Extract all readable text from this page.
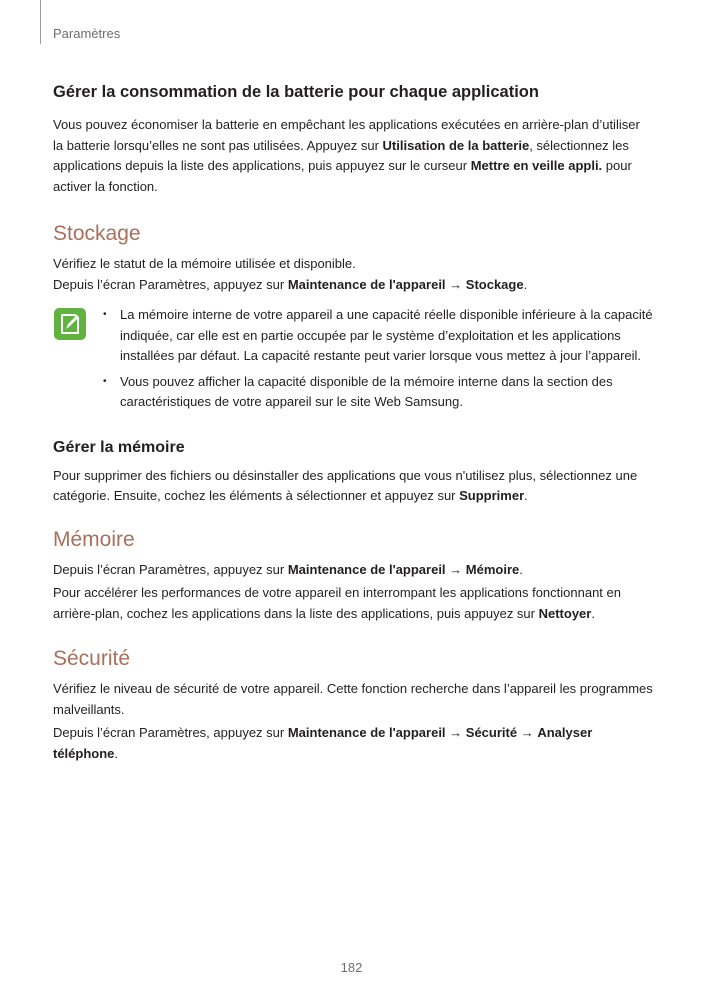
Paramètres
Gérer la consommation de la batterie pour chaque application

Vous pouvez économiser la batterie en empêchant les applications exécutées en arrière-plan d’utiliser la batterie lorsqu’elles ne sont pas utilisées. Appuyez sur Utilisation de la batterie, sélectionnez les applications depuis la liste des applications, puis appuyez sur le curseur Mettre en veille appli. pour activer la fonction.

Stockage

Vérifiez le statut de la mémoire utilisée et disponible.

Depuis l’écran Paramètres, appuyez sur Maintenance de l'appareil → Stockage.

• La mémoire interne de votre appareil a une capacité réelle disponible inférieure à la capacité indiquée, car elle est en partie occupée par le système d’exploitation et les applications installées par défaut. La capacité restante peut varier lorsque vous mettez à jour l’appareil.
• Vous pouvez afficher la capacité disponible de la mémoire interne dans la section des caractéristiques de votre appareil sur le site Web Samsung.
Gérer la mémoire

Pour supprimer des fichiers ou désinstaller des applications que vous n'utilisez plus, sélectionnez une catégorie. Ensuite, cochez les éléments à sélectionner et appuyez sur Supprimer.

Mémoire

Depuis l’écran Paramètres, appuyez sur Maintenance de l'appareil → Mémoire.

Pour accélérer les performances de votre appareil en interrompant les applications fonctionnant en arrière-plan, cochez les applications dans la liste des applications, puis appuyez sur Nettoyer.

Sécurité

Vérifiez le niveau de sécurité de votre appareil. Cette fonction recherche dans l’appareil les programmes malveillants.

Depuis l’écran Paramètres, appuyez sur Maintenance de l'appareil → Sécurité → Analyser téléphone.

182
